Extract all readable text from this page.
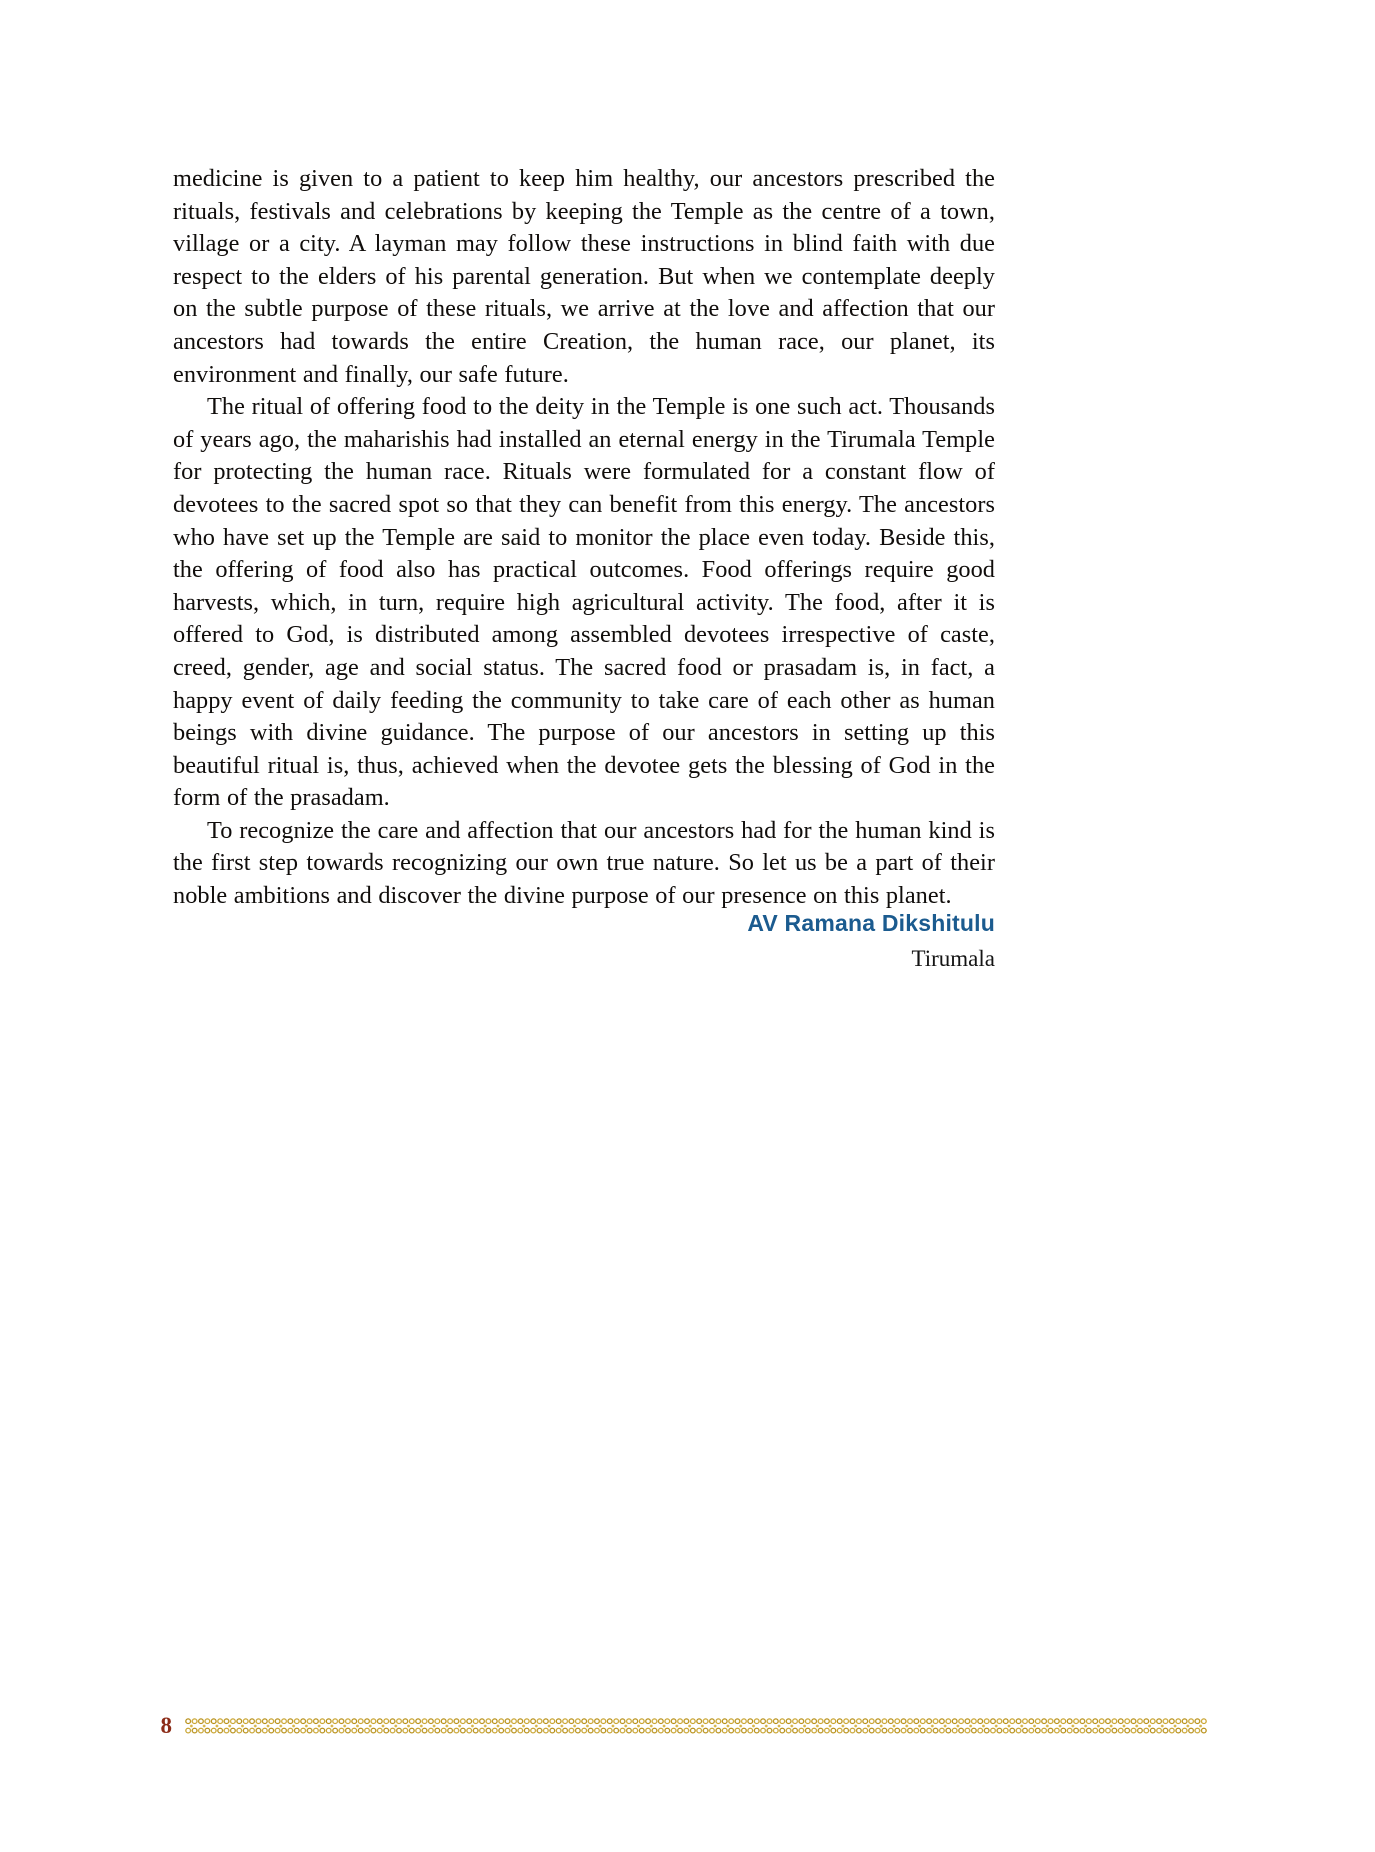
medicine is given to a patient to keep him healthy, our ancestors prescribed the rituals, festivals and celebrations by keeping the Temple as the centre of a town, village or a city. A layman may follow these instructions in blind faith with due respect to the elders of his parental generation. But when we contemplate deeply on the subtle purpose of these rituals, we arrive at the love and affection that our ancestors had towards the entire Creation, the human race, our planet, its environment and finally, our safe future.

The ritual of offering food to the deity in the Temple is one such act. Thousands of years ago, the maharishis had installed an eternal energy in the Tirumala Temple for protecting the human race. Rituals were formulated for a constant flow of devotees to the sacred spot so that they can benefit from this energy. The ancestors who have set up the Temple are said to monitor the place even today. Beside this, the offering of food also has practical outcomes. Food offerings require good harvests, which, in turn, require high agricultural activity. The food, after it is offered to God, is distributed among assembled devotees irrespective of caste, creed, gender, age and social status. The sacred food or prasadam is, in fact, a happy event of daily feeding the community to take care of each other as human beings with divine guidance. The purpose of our ancestors in setting up this beautiful ritual is, thus, achieved when the devotee gets the blessing of God in the form of the prasadam.

To recognize the care and affection that our ancestors had for the human kind is the first step towards recognizing our own true nature. So let us be a part of their noble ambitions and discover the divine purpose of our presence on this planet.

AV Ramana Dikshitulu
Tirumala
8
